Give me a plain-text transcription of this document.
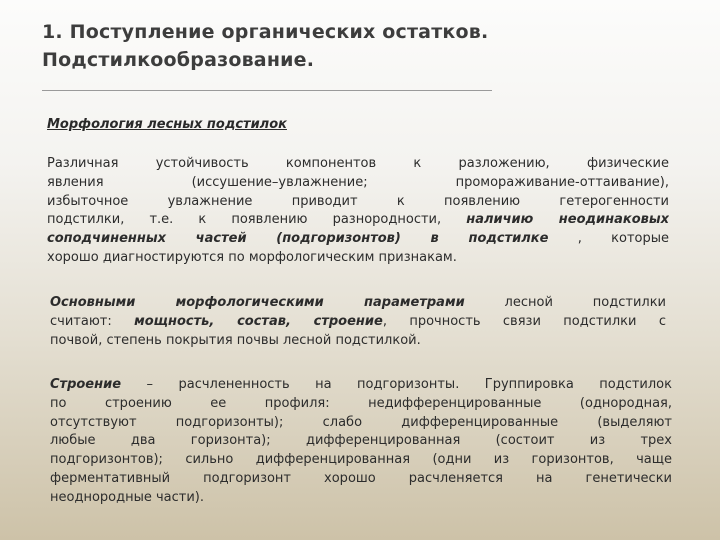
1. Поступление органических остатков.
Подстилкообразование.
Морфология лесных подстилок
Различная устойчивость компонентов к разложению, физические
явления (иссушение–увлажнение; промораживание-оттаивание),
избыточное увлажнение приводит к появлению гетерогенности
подстилки, т.е. к появлению разнородности, наличию неодинаковых
соподчиненных частей (подгоризонтов) в подстилке , которые
хорошо диагностируются по морфологическим признакам.
Основными морфологическими параметрами лесной подстилки
считают: мощность, состав, строение, прочность связи подстилки с
почвой, степень покрытия почвы лесной подстилкой.
Строение – расчлененность на подгоризонты. Группировка подстилок
по строению ее профиля: недифференцированные (однородная,
отсутствуют подгоризонты); слабо дифференцированные (выделяют
любые два горизонта); дифференцированная (состоит из трех
подгоризонтов); сильно дифференцированная (одни из горизонтов, чаще
ферментативный подгоризонт хорошо расчленяется на генетически
неоднородные части).
